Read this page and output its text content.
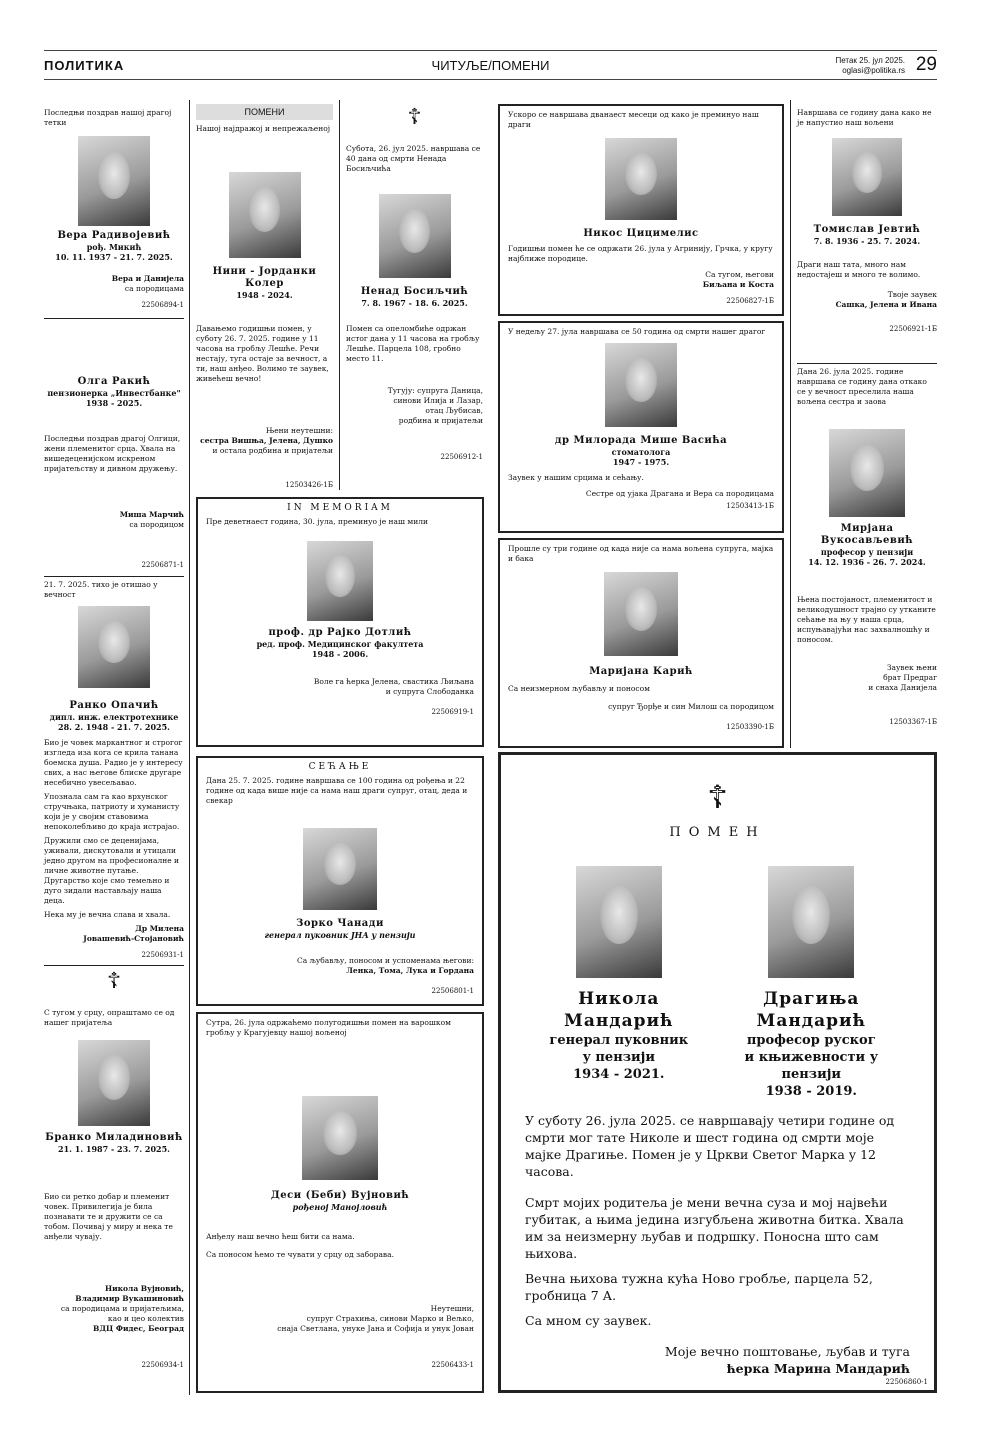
ПОЛИТИКА	ЧИТУЉЕ/ПОМЕНИ	Петак 25. јул 2025.
oglasi@politika.rs 29
Последњи поздрав нашој драгој тетки
Вера Радивојевић
рођ. Микић
10. 11. 1937 - 21. 7. 2025.
Вера и Данијела
са породицама
22506894-1
Олга Ракић
пензионерка „Инвестбанке"
1938 - 2025.
Последњи поздрав драгој Олгици, жени племенитог срца. Хвала на вишедеценијском искреном пријатељству и дивном дружењу.
Миша Марчић
са породицом
22506871-1
21. 7. 2025. тихо је отишао у вечност
Ранко Опачић
дипл. инж. електротехнике
28. 2. 1948 - 21. 7. 2025.
Био је човек маркантног и строгог изгледа иза кога се крила танана боемска душа. Радио је у интересу свих, а нас његове блиске другаре несебично увесељавао.
Упознала сам га као врхунског стручњака, патриоту и хуманисту који је у својим ставовима непоколебљиво до краја истрајао.
Дружили смо се деценијама, уживали, дискутовали и утицали једно другом на професионалне и личне животне путање. Другарство које смо темељно и дуго зидали настављају наша деца.
Нека му је вечна слава и хвала.
Др Милена
Јовашевић-Стојановић
22506931-1
☦
С тугом у срцу, опраштамо се од нашег пријатеља
Бранко Миладиновић
21. 1. 1987 - 23. 7. 2025.
Био си ретко добар и племенит човек. Привилегија је била познавати те и дружити се са тобом. Почивај у миру и нека те анђели чувају.
Никола Вујновић,
Владимир Вукашиновић
са породицама и пријатељима,
као и цео колектив
ВДЦ Фидес, Београд
22506934-1
ПОМЕНИ
Нашој најдражој и непрежаљеној
Нини - Јорданки
Колер
1948 - 2024.
Давањемо годишњи помен, у суботу 26. 7. 2025. године у 11 часова на гробљу Лешће. Речи нестају, туга остаје за вечност, а ти, наш анђео. Волимо те заувек, живећеш вечно!
Њени неутешни:
сестра Вишња, Јелена, Душко
и остала родбина и пријатељи
12503426-1Б
☦
Субота, 26. јул 2025. навршава се 40 дана од смрти Ненада Босиљчића
Ненад Босиљчић
7. 8. 1967 - 18. 6. 2025.
Помен са опеломбиће одржан истог дана у 11 часова на гробљу Лешће. Парцела 108, гробно место 11.
Тугују: супруга Даница,
синови Илија и Лазар,
отац Љубисав,
родбина и пријатељи
22506912-1
IN MEMORIAM
Пре деветнаест година, 30. јула, преминуо је наш мили
проф. др Рајко Дотлић
ред. проф. Медицинског факултета
1948 - 2006.
Воле га ћерка Јелена, свастика Љиљана
и супруга Слободанка
22506919-1
СЕЋАЊЕ
Дана 25. 7. 2025. године навршава се 100 година од рођења и 22 године од када више није са нама наш драги супруг, отац, деда и свекар
Зорко Чанади
генерал пуковник ЈНА у пензији
Са љубављу, поносом и успоменама његови:
Ленка, Тома, Лука и Гордана
22506801-1
Сутра, 26. јула одржаћемо полугодишњи помен на варошком гробљу у Крагујевцу нашој вољеној
Деси (Беби) Вујновић
рођеној Манојловић
Анђелу наш вечно ћеш бити са нама.
Са поносом ћемо те чувати у срцу од заборава.
Неутешни,
супруг Страхиња, синови Марко и Вељко,
снаја Светлана, унуке Јана и Софија и унук Јован
22506433-1
Ускоро се навршава дванаест месеци од како је преминуо наш драги
Никос Цицимелис
Годишњи помен ће се одржати 26. јула у Агринију, Грчка, у кругу најближе породице.
Са тугом, његови
Биљана и Коста
22506827-1Б
У недељу 27. јула навршава се 50 година од смрти нашег драгог
др Милорада Мише Васића
стоматолога
1947 - 1975.
Заувек у нашим срцима и сећању.
Сестре од ујака Драгана и Вера са породицама
12503413-1Б
Прошле су три године од када није са нама вољена супруга, мајка и бака
Маријана Карић
Са неизмерном љубављу и поносом
супруг Ђорђе и син Милош са породицом
12503390-1Б
Навршава се годину дана како не је напустио наш вољени
Томислав Јевтић
7. 8. 1936 - 25. 7. 2024.
Драги наш тата, много нам недостајеш и много те волимо.
Твоје заувек
Сашка, Јелена и Ивана
22506921-1Б
Дана 26. јула 2025. године навршава се годину дана откако се у вечност преселила наша вољена сестра и заова
Мирјана
Вукосављевић
професор у пензији
14. 12. 1936 - 26. 7. 2024.
Њена постојаност, племенитост и великодушност трајно су утканите сећање на њу у наша срца, испуњавајући нас захвалношћу и поносом.
Заувек њени
брат Предраг
и снаха Данијела
12503367-1Б
☦
ПОМЕН
Никола
Мандарић
генерал пуковник
у пензији
1934 - 2021.
Драгиња
Мандарић
професор руског
и књижевности у пензији
1938 - 2019.
У суботу 26. јула 2025. се навршавају четири године од смрти мог тате Николе и шест година од смрти моје мајке Драгиње. Помен је у Цркви Светог Марка у 12 часова.
Смрт мојих родитеља је мени вечна суза и мој највећи губитак, а њима једина изгубљена животна битка. Хвала им за неизмерну љубав и подршку. Поносна што сам њихова.
Вечна њихова тужна кућа Ново гробље, парцела 52, гробница 7 А.
Са мном су заувек.
Моје вечно поштовање, љубав и туга
ћерка Марина Мандарић
22506860-1
